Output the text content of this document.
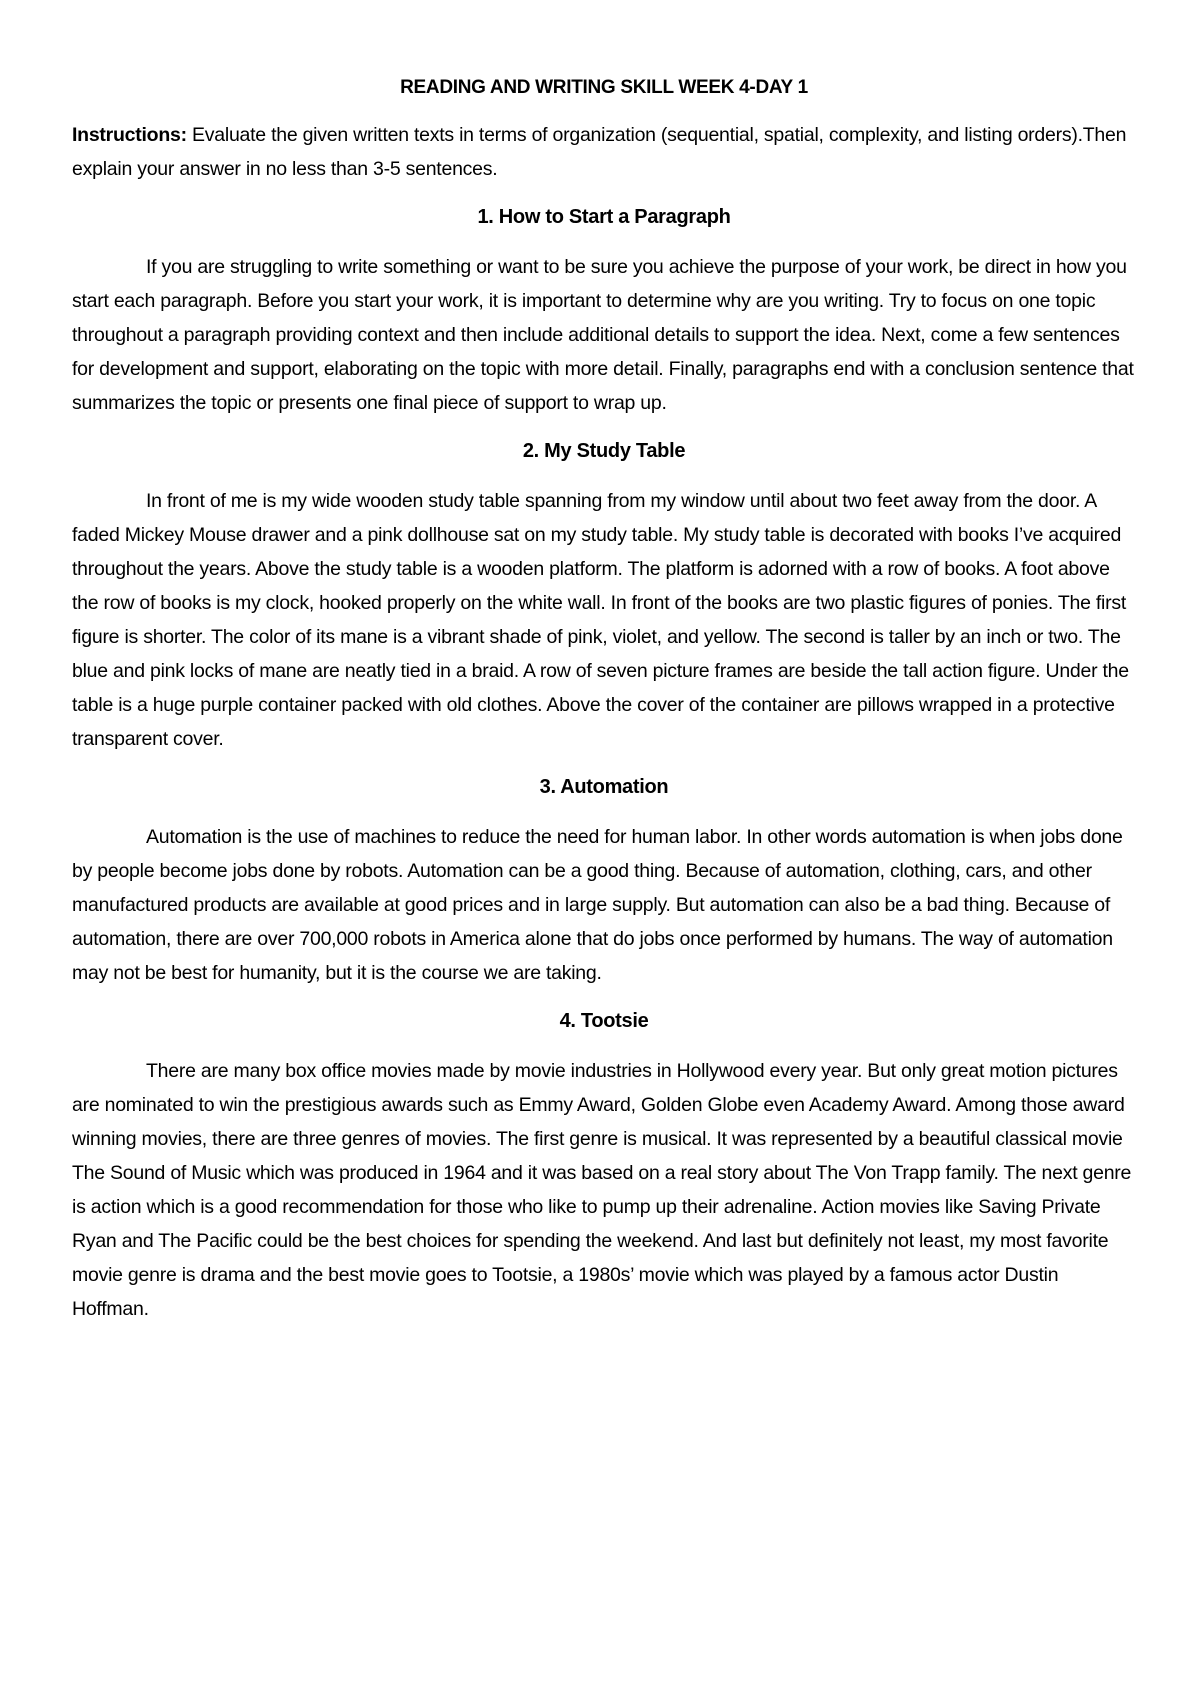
READING AND WRITING SKILL WEEK 4-DAY 1

Instructions: Evaluate the given written texts in terms of organization (sequential, spatial, complexity, and listing orders).Then explain your answer in no less than 3-5 sentences.

1. How to Start a Paragraph

If you are struggling to write something or want to be sure you achieve the purpose of your work, be direct in how you start each paragraph. Before you start your work, it is important to determine why are you writing. Try to focus on one topic throughout a paragraph providing context and then include additional details to support the idea. Next, come a few sentences for development and support, elaborating on the topic with more detail. Finally, paragraphs end with a conclusion sentence that summarizes the topic or presents one final piece of support to wrap up.

2. My Study Table

In front of me is my wide wooden study table spanning from my window until about two feet away from the door. A faded Mickey Mouse drawer and a pink dollhouse sat on my study table. My study table is decorated with books I’ve acquired throughout the years. Above the study table is a wooden platform. The platform is adorned with a row of books. A foot above the row of books is my clock, hooked properly on the white wall. In front of the books are two plastic figures of ponies. The first figure is shorter. The color of its mane is a vibrant shade of pink, violet, and yellow. The second is taller by an inch or two. The blue and pink locks of mane are neatly tied in a braid. A row of seven picture frames are beside the tall action figure. Under the table is a huge purple container packed with old clothes. Above the cover of the container are pillows wrapped in a protective transparent cover.

3. Automation

Automation is the use of machines to reduce the need for human labor. In other words automation is when jobs done by people become jobs done by robots. Automation can be a good thing. Because of automation, clothing, cars, and other manufactured products are available at good prices and in large supply. But automation can also be a bad thing. Because of automation, there are over 700,000 robots in America alone that do jobs once performed by humans. The way of automation may not be best for humanity, but it is the course we are taking.

4. Tootsie

There are many box office movies made by movie industries in Hollywood every year. But only great motion pictures are nominated to win the prestigious awards such as Emmy Award, Golden Globe even Academy Award. Among those award winning movies, there are three genres of movies. The first genre is musical. It was represented by a beautiful classical movie The Sound of Music which was produced in 1964 and it was based on a real story about The Von Trapp family. The next genre is action which is a good recommendation for those who like to pump up their adrenaline. Action movies like Saving Private Ryan and The Pacific could be the best choices for spending the weekend. And last but definitely not least, my most favorite movie genre is drama and the best movie goes to Tootsie, a 1980s’ movie which was played by a famous actor Dustin Hoffman.
